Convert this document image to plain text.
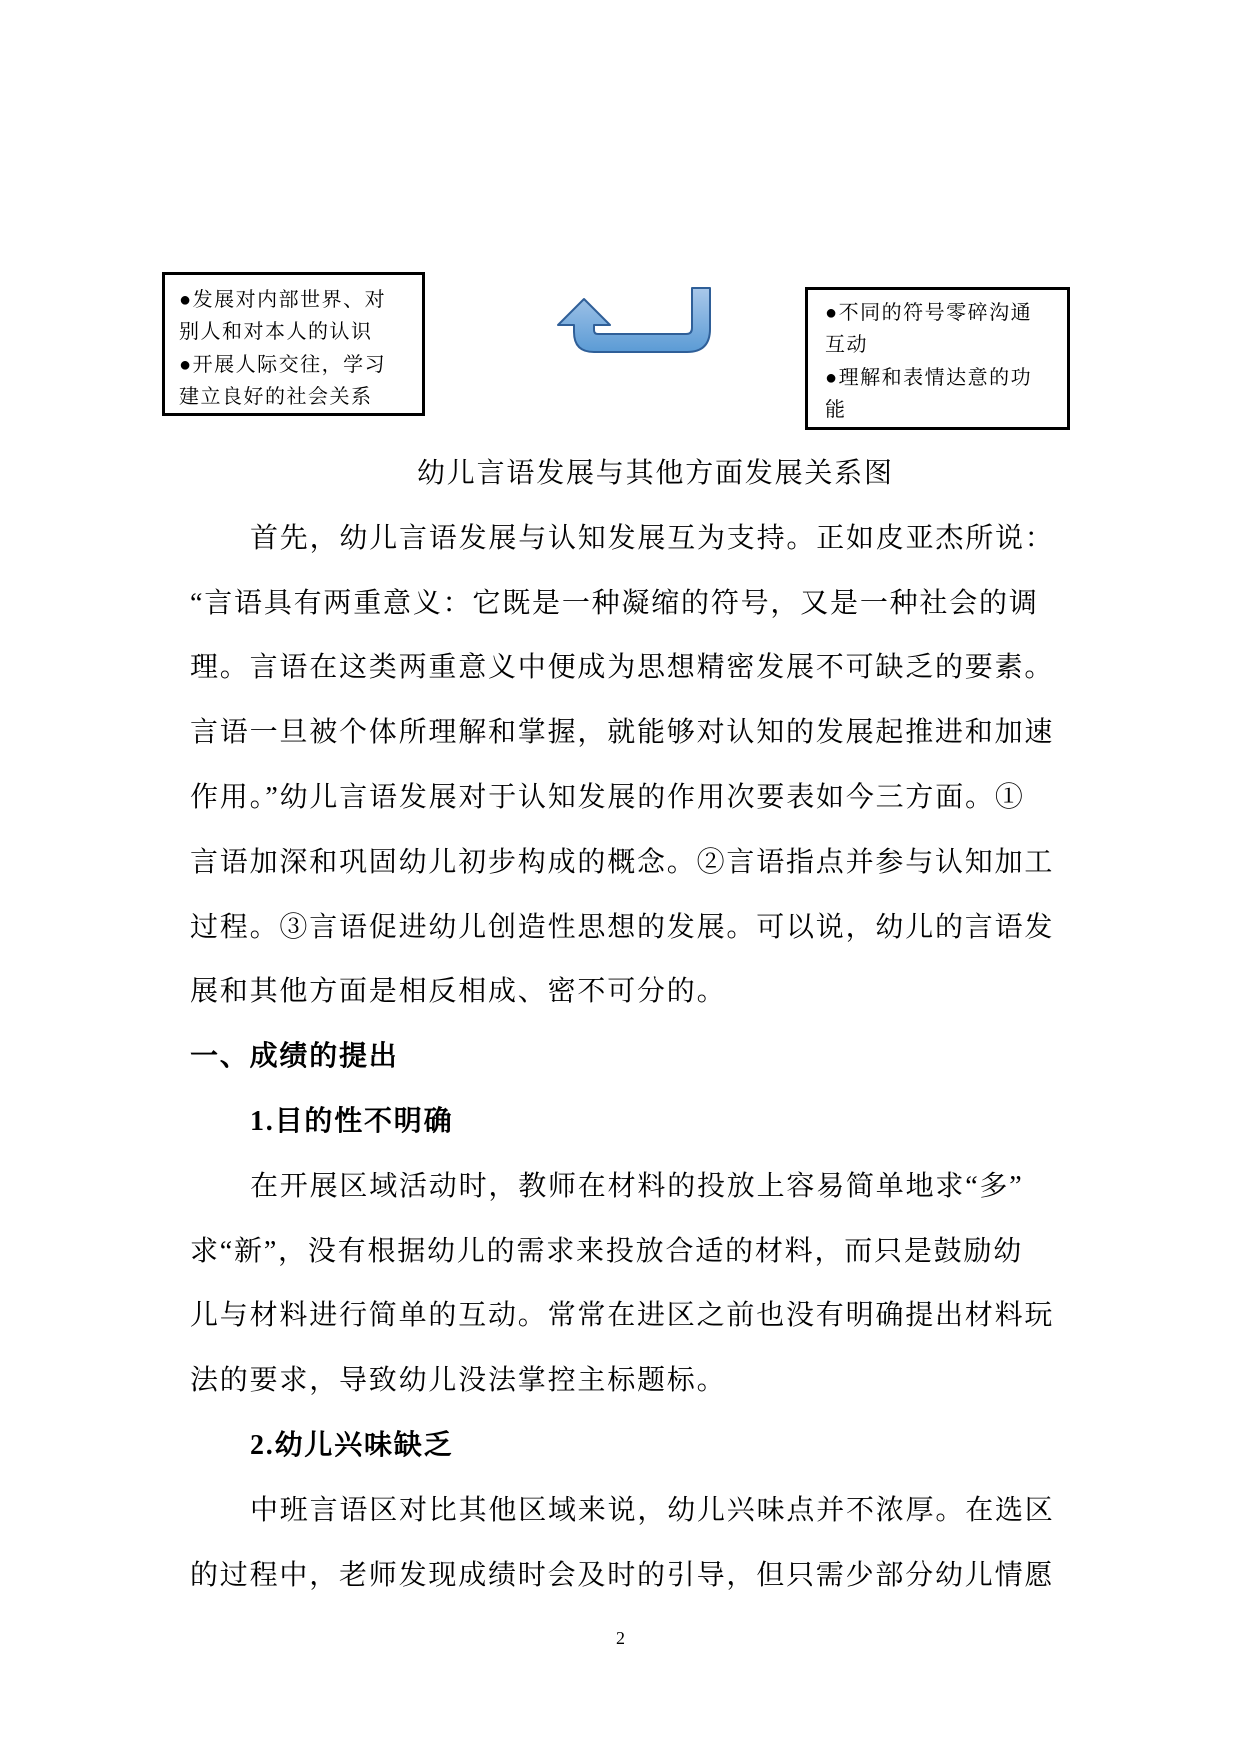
●发展对内部世界、对
别人和对本人的认识
●开展人际交往，学习
建立良好的社会关系
●不同的符号零碎沟通
互动
●理解和表情达意的功
能
幼儿言语发展与其他方面发展关系图
首先，幼儿言语发展与认知发展互为支持。正如皮亚杰所说：
“言语具有两重意义：它既是一种凝缩的符号，又是一种社会的调
理。言语在这类两重意义中便成为思想精密发展不可缺乏的要素。
言语一旦被个体所理解和掌握，就能够对认知的发展起推进和加速
作用。”幼儿言语发展对于认知发展的作用次要表如今三方面。①
言语加深和巩固幼儿初步构成的概念。②言语指点并参与认知加工
过程。③言语促进幼儿创造性思想的发展。可以说，幼儿的言语发
展和其他方面是相反相成、密不可分的。
一、成绩的提出
1.目的性不明确
在开展区域活动时，教师在材料的投放上容易简单地求“多”
求“新”，没有根据幼儿的需求来投放合适的材料，而只是鼓励幼
儿与材料进行简单的互动。常常在进区之前也没有明确提出材料玩
法的要求，导致幼儿没法掌控主标题标。
2.幼儿兴味缺乏
中班言语区对比其他区域来说，幼儿兴味点并不浓厚。在选区
的过程中，老师发现成绩时会及时的引导，但只需少部分幼儿情愿
2
